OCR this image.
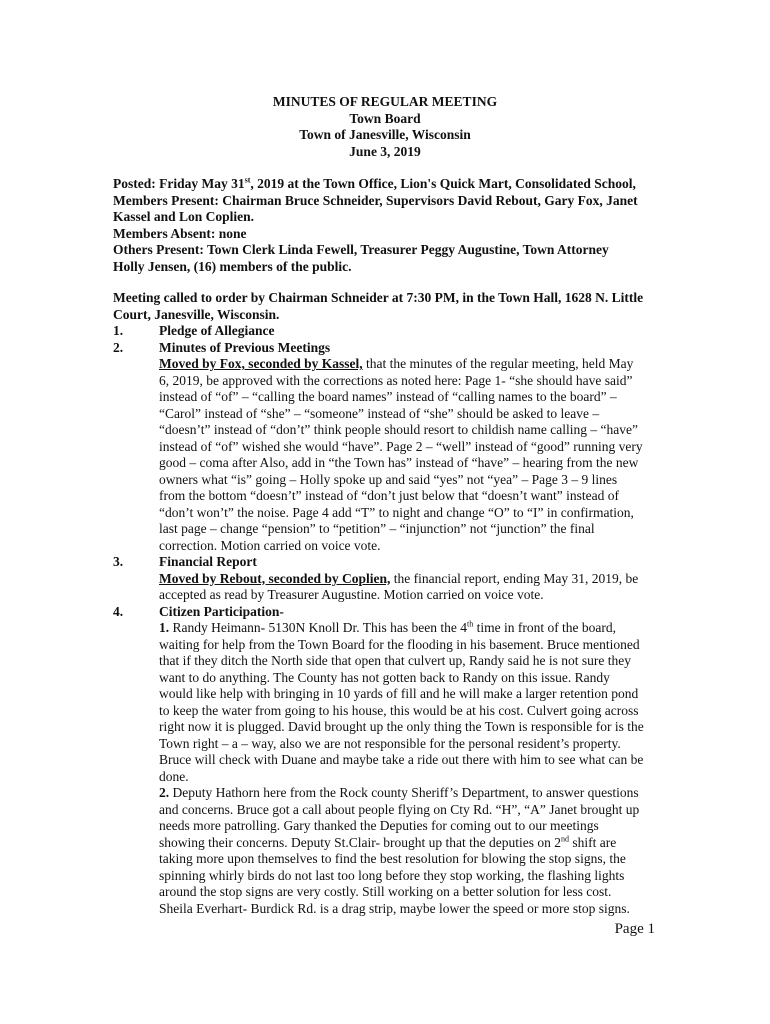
MINUTES OF REGULAR MEETING
Town Board
Town of Janesville, Wisconsin
June 3, 2019
Posted: Friday May 31st, 2019 at the Town Office, Lion's Quick Mart, Consolidated School,
Members Present: Chairman Bruce Schneider, Supervisors David Rebout, Gary Fox, Janet
Kassel and Lon Coplien.
Members Absent: none
Others Present: Town Clerk Linda Fewell, Treasurer Peggy Augustine, Town Attorney
Holly Jensen, (16) members of the public.
Meeting called to order by Chairman Schneider at 7:30 PM, in the Town Hall, 1628 N. Little
Court, Janesville, Wisconsin.
1.	Pledge of Allegiance
2.	Minutes of Previous Meetings
Moved by Fox, seconded by Kassel, that the minutes of the regular meeting, held May
6, 2019, be approved with the corrections as noted here: Page 1- “she should have said”
instead of “of” – “calling the board names” instead of “calling names to the board” –
“Carol” instead of “she” – “someone” instead of “she” should be asked to leave –
“doesn’t” instead of “don’t” think people should resort to childish name calling – “have”
instead of “of” wished she would “have”. Page 2 – “well” instead of “good” running very
good – coma after Also, add in “the Town has” instead of “have” – hearing from the new
owners what “is” going – Holly spoke up and said “yes” not “yea” – Page 3 – 9 lines
from the bottom “doesn’t” instead of “don’t just below that “doesn’t want” instead of
“don’t won’t” the noise. Page 4 add “T” to night and change “O” to “I” in confirmation,
last page – change “pension” to “petition” – “injunction” not “junction” the final
correction. Motion carried on voice vote.
3.	Financial Report
Moved by Rebout, seconded by Coplien, the financial report, ending May 31, 2019, be
accepted as read by Treasurer Augustine. Motion carried on voice vote.
4.	Citizen Participation-
1. Randy Heimann- 5130N Knoll Dr. This has been the 4th time in front of the board,
waiting for help from the Town Board for the flooding in his basement. Bruce mentioned
that if they ditch the North side that open that culvert up, Randy said he is not sure they
want to do anything. The County has not gotten back to Randy on this issue. Randy
would like help with bringing in 10 yards of fill and he will make a larger retention pond
to keep the water from going to his house, this would be at his cost. Culvert going across
right now it is plugged. David brought up the only thing the Town is responsible for is the
Town right – a – way, also we are not responsible for the personal resident’s property.
Bruce will check with Duane and maybe take a ride out there with him to see what can be
done.
2. Deputy Hathorn here from the Rock county Sheriff’s Department, to answer questions
and concerns. Bruce got a call about people flying on Cty Rd. “H”, “A” Janet brought up
needs more patrolling. Gary thanked the Deputies for coming out to our meetings
showing their concerns. Deputy St.Clair- brought up that the deputies on 2nd shift are
taking more upon themselves to find the best resolution for blowing the stop signs, the
spinning whirly birds do not last too long before they stop working, the flashing lights
around the stop signs are very costly. Still working on a better solution for less cost.
Sheila Everhart- Burdick Rd. is a drag strip, maybe lower the speed or more stop signs.
Page 1
